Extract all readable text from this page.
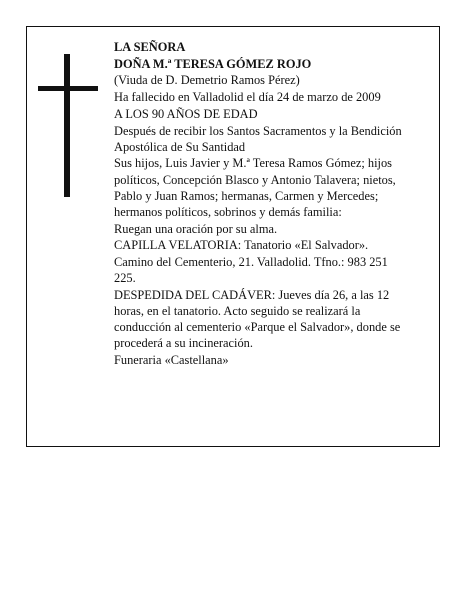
LA SEÑORA

DOÑA M.ª TERESA GÓMEZ ROJO

(Viuda de D. Demetrio Ramos Pérez)

Ha fallecido en Valladolid el día 24 de marzo de 2009

A LOS 90 AÑOS DE EDAD

Después de recibir los Santos Sacramentos y la Bendición Apostólica de Su Santidad

Sus hijos, Luis Javier y M.ª Teresa Ramos Gómez; hijos políticos, Concepción Blasco y Antonio Talavera; nietos, Pablo y Juan Ramos; hermanas, Carmen y Mercedes; hermanos políticos, sobrinos y demás familia:

Ruegan una oración por su alma.

CAPILLA VELATORIA: Tanatorio «El Salvador». Camino del Cementerio, 21. Valladolid. Tfno.: 983 251 225.

DESPEDIDA DEL CADÁVER: Jueves día 26, a las 12 horas, en el tanatorio. Acto seguido se realizará la conducción al cementerio «Parque el Salvador», donde se procederá a su incineración.

Funeraria «Castellana»
